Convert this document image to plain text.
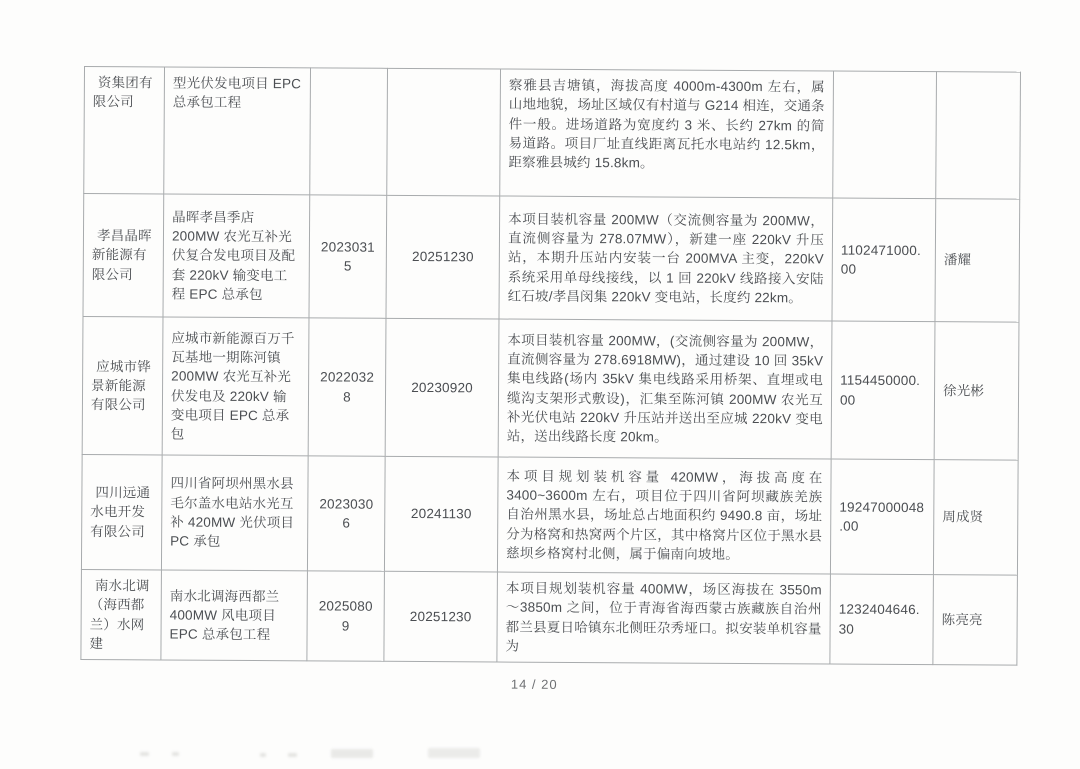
资集团有限公司	型光伏发电项目 EPC 总承包工程			察雅县吉塘镇，海拔高度 4000m-4300m 左右，属山地地貌，场址区域仅有村道与 G214 相连，交通条件一般。进场道路为宽度约 3 米、长约 27km 的简易道路。项目厂址直线距离瓦托水电站约 12.5km，距察雅县城约 15.8km。		
孝昌晶晖新能源有限公司	晶晖孝昌季店 200MW 农光互补光伏复合发电项目及配套 220kV 输变电工程 EPC 总承包	20230315	20251230	本项目装机容量 200MW（交流侧容量为 200MW，直流侧容量为 278.07MW），新建一座 220kV 升压站，本期升压站内安装一台 200MVA 主变，220kV 系统采用单母线接线，以 1 回 220kV 线路接入安陆红石坡/孝昌闵集 220kV 变电站，长度约 22km。	1102471000.00	潘耀
应城市铧景新能源有限公司	应城市新能源百万千瓦基地一期陈河镇 200MW 农光互补光伏发电及 220kV 输变电项目 EPC 总承包	20220328	20230920	本项目装机容量 200MW，(交流侧容量为 200MW，直流侧容量为 278.6918MW)，通过建设 10 回 35kV 集电线路(场内 35kV 集电线路采用桥架、直埋或电缆沟支架形式敷设)，汇集至陈河镇 200MW 农光互补光伏电站 220kV 升压站并送出至应城 220kV 变电站，送出线路长度 20km。	1154450000.00	徐光彬
四川远通水电开发有限公司	四川省阿坝州黑水县毛尔盖水电站水光互补 420MW 光伏项目 PC 承包	20230306	20241130	本项目规划装机容量 420MW，海拔高度在 3400~3600m 左右，项目位于四川省阿坝藏族羌族自治州黑水县，场址总占地面积约 9490.8 亩，场址分为格窝和热窝两个片区，其中格窝片区位于黑水县慈坝乡格窝村北侧，属于偏南向坡地。	19247000048.00	周成贤
南水北调（海西都兰）水网建	南水北调海西都兰 400MW 风电项目 EPC 总承包工程	20250809	20251230	本项目规划装机容量 400MW，场区海拔在 3550m～3850m 之间，位于青海省海西蒙古族藏族自治州都兰县夏日哈镇东北侧旺尕秀垭口。拟安装单机容量为	1232404646.30	陈亮亮
14 / 20
